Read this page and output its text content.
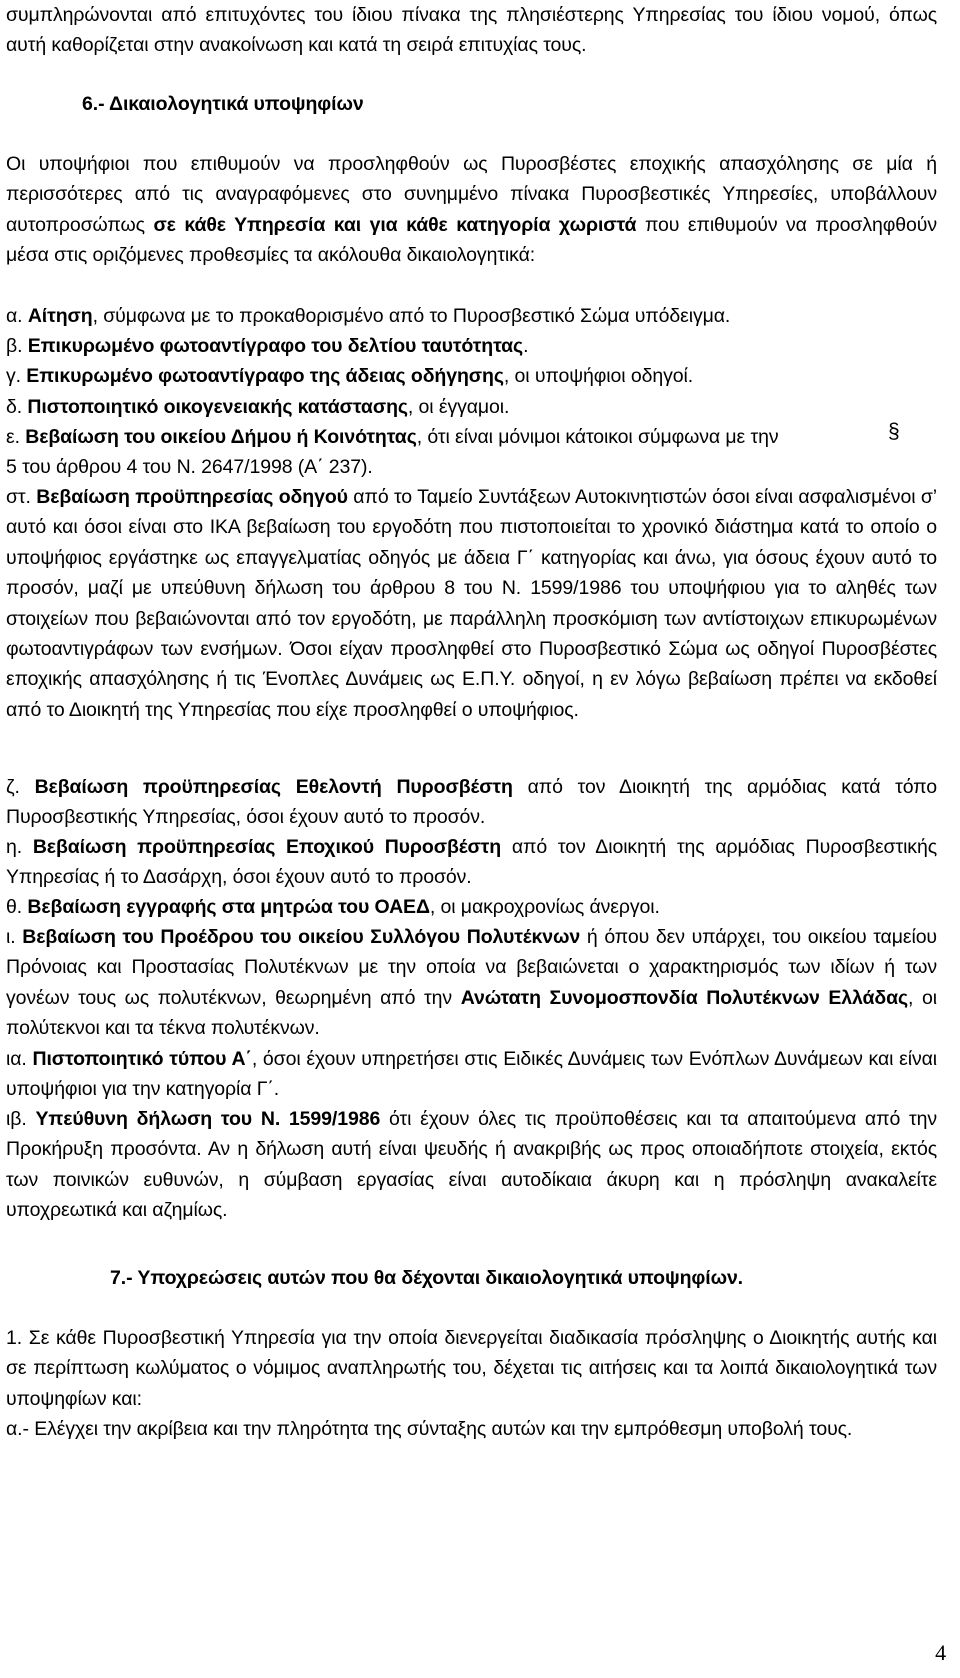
συμπληρώνονται από επιτυχόντες του ίδιου πίνακα της πλησιέστερης Υπηρεσίας του ίδιου νομού, όπως αυτή καθορίζεται στην ανακοίνωση και κατά τη σειρά επιτυχίας τους.

6.- Δικαιολογητικά υποψηφίων

Οι υποψήφιοι που επιθυμούν να προσληφθούν ως Πυροσβέστες εποχικής απασχόλησης σε μία ή περισσότερες από τις αναγραφόμενες στο συνημμένο πίνακα Πυροσβεστικές Υπηρεσίες, υποβάλλουν αυτοπροσώπως σε κάθε Υπηρεσία και για κάθε κατηγορία χωριστά που επιθυμούν να προσληφθούν μέσα στις οριζόμενες προθεσμίες τα ακόλουθα δικαιολογητικά:

α. Αίτηση, σύμφωνα με το προκαθορισμένο από το Πυροσβεστικό Σώμα υπόδειγμα.

β. Επικυρωμένο φωτοαντίγραφο του δελτίου ταυτότητας.

γ. Επικυρωμένο φωτοαντίγραφο της άδειας οδήγησης, οι υποψήφιοι οδηγοί.

δ. Πιστοποιητικό οικογενειακής κατάστασης, οι έγγαμοι.

ε. Βεβαίωση του οικείου Δήμου ή Κοινότητας, ότι είναι μόνιμοι κάτοικοι σύμφωνα με την	§

5 του άρθρου 4 του Ν. 2647/1998 (Α΄ 237).

στ. Βεβαίωση προϋπηρεσίας οδηγού από το Ταμείο Συντάξεων Αυτοκινητιστών όσοι είναι ασφαλισμένοι σ’ αυτό και όσοι είναι στο ΙΚΑ βεβαίωση του εργοδότη που πιστοποιείται το χρονικό διάστημα κατά το οποίο ο υποψήφιος εργάστηκε ως επαγγελματίας οδηγός με άδεια Γ΄ κατηγορίας και άνω, για όσους έχουν αυτό το προσόν, μαζί με υπεύθυνη δήλωση του άρθρου 8 του Ν. 1599/1986 του υποψήφιου για το αληθές των στοιχείων που βεβαιώνονται από τον εργοδότη, με παράλληλη προσκόμιση των αντίστοιχων επικυρωμένων φωτοαντιγράφων των ενσήμων. Όσοι είχαν προσληφθεί στο Πυροσβεστικό Σώμα ως οδηγοί Πυροσβέστες εποχικής απασχόλησης ή τις Ένοπλες Δυνάμεις ως Ε.Π.Υ. οδηγοί, η εν λόγω βεβαίωση πρέπει να εκδοθεί από το Διοικητή της Υπηρεσίας που είχε προσληφθεί ο υποψήφιος.

ζ. Βεβαίωση προϋπηρεσίας Εθελοντή Πυροσβέστη από τον Διοικητή της αρμόδιας κατά τόπο Πυροσβεστικής Υπηρεσίας, όσοι έχουν αυτό το προσόν.

η. Βεβαίωση προϋπηρεσίας Εποχικού Πυροσβέστη από τον Διοικητή της αρμόδιας Πυροσβεστικής Υπηρεσίας ή το Δασάρχη, όσοι έχουν αυτό το προσόν.

θ. Βεβαίωση εγγραφής στα μητρώα του ΟΑΕΔ, οι μακροχρονίως άνεργοι.

ι. Βεβαίωση του Προέδρου του οικείου Συλλόγου Πολυτέκνων ή όπου δεν υπάρχει, του οικείου ταμείου Πρόνοιας και Προστασίας Πολυτέκνων με την οποία να βεβαιώνεται ο χαρακτηρισμός των ιδίων ή των γονέων τους ως πολυτέκνων, θεωρημένη από την Ανώτατη Συνομοσπονδία Πολυτέκνων Ελλάδας, οι πολύτεκνοι και τα τέκνα πολυτέκνων.

ια. Πιστοποιητικό τύπου Α΄, όσοι έχουν υπηρετήσει στις Ειδικές Δυνάμεις των Ενόπλων Δυνάμεων και είναι υποψήφιοι για την κατηγορία Γ΄.

ιβ. Υπεύθυνη δήλωση του Ν. 1599/1986 ότι έχουν όλες τις προϋποθέσεις και τα απαιτούμενα από την Προκήρυξη προσόντα. Αν η δήλωση αυτή είναι ψευδής ή ανακριβής ως προς οποιαδήποτε στοιχεία, εκτός των ποινικών ευθυνών, η σύμβαση εργασίας είναι αυτοδίκαια άκυρη και η πρόσληψη ανακαλείτε υποχρεωτικά και αζημίως.

7.- Υποχρεώσεις αυτών που θα δέχονται δικαιολογητικά υποψηφίων.

1. Σε κάθε Πυροσβεστική Υπηρεσία για την οποία διενεργείται διαδικασία πρόσληψης ο Διοικητής αυτής και σε περίπτωση κωλύματος ο νόμιμος αναπληρωτής του, δέχεται τις αιτήσεις και τα λοιπά δικαιολογητικά των υποψηφίων και:

α.- Ελέγχει την ακρίβεια και την πληρότητα της σύνταξης αυτών και την εμπρόθεσμη υποβολή τους.

4
